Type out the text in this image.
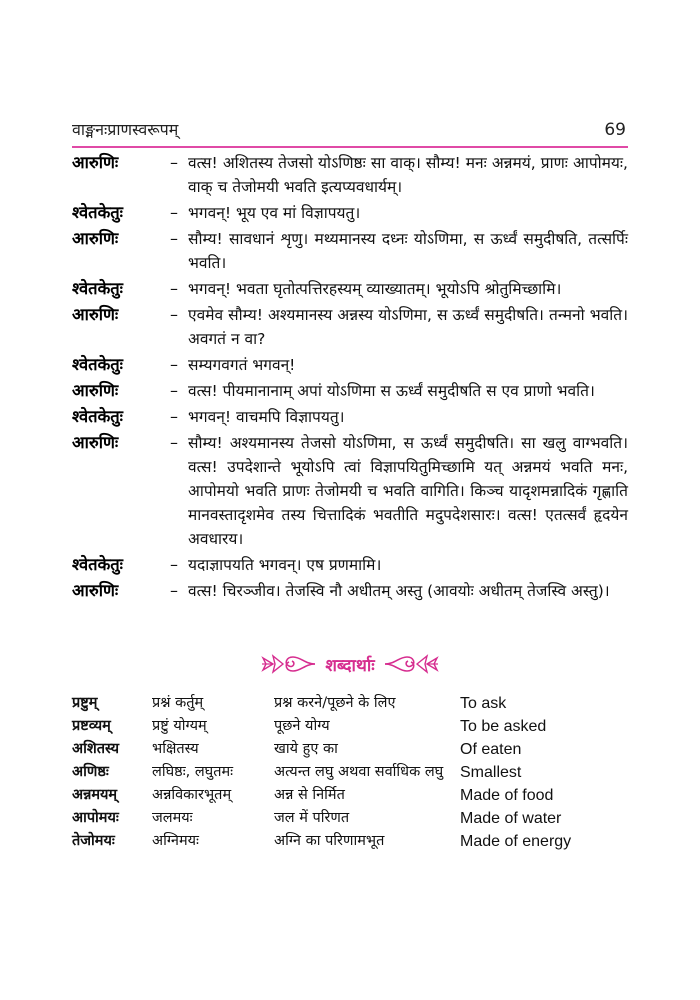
वाङ्मनःप्राणस्वरूपम्	69
आरुणिः	– वत्स! अशितस्य तेजसो योऽणिष्ठः सा वाक्। सौम्य! मनः अन्नमयं, प्राणः आपोमयः, वाक् च तेजोमयी भवति इत्यप्यवधार्यम्।
श्वेतकेतुः	– भगवन्! भूय एव मां विज्ञापयतु।
आरुणिः	– सौम्य! सावधानं शृणु। मथ्यमानस्य दध्नः योऽणिमा, स ऊर्ध्वं समुदीषति, तत्सर्पिः भवति।
श्वेतकेतुः	– भगवन्! भवता घृतोत्पत्तिरहस्यम् व्याख्यातम्। भूयोऽपि श्रोतुमिच्छामि।
आरुणिः	– एवमेव सौम्य! अश्यमानस्य अन्नस्य योऽणिमा, स ऊर्ध्वं समुदीषति। तन्मनो भवति। अवगतं न वा?
श्वेतकेतुः	– सम्यगवगतं भगवन्!
आरुणिः	– वत्स! पीयमानानाम् अपां योऽणिमा स ऊर्ध्वं समुदीषति स एव प्राणो भवति।
श्वेतकेतुः	– भगवन्! वाचमपि विज्ञापयतु।
आरुणिः	– सौम्य! अश्यमानस्य तेजसो योऽणिमा, स ऊर्ध्वं समुदीषति। सा खलु वाग्भवति। वत्स! उपदेशान्ते भूयोऽपि त्वां विज्ञापयितुमिच्छामि यत् अन्नमयं भवति मनः, आपोमयो भवति प्राणः तेजोमयी च भवति वागिति। किञ्च यादृशमन्नादिकं गृह्णाति मानवस्तादृशमेव तस्य चित्तादिकं भवतीति मदुपदेशसारः। वत्स! एतत्सर्वं हृदयेन अवधारय।
श्वेतकेतुः	– यदाज्ञापयति भगवन्। एष प्रणमामि।
आरुणिः	– वत्स! चिरञ्जीव। तेजस्वि नौ अधीतम् अस्तु (आवयोः अधीतम् तेजस्वि अस्तु)।
शब्दार्थाः
प्रष्टुम्	प्रश्नं कर्तुम्	प्रश्न करने/पूछने के लिए	To ask
प्रष्टव्यम्	प्रष्टुं योग्यम्	पूछने योग्य	To be asked
अशितस्य	भक्षितस्य	खाये हुए का	Of eaten
अणिष्ठः	लघिष्ठः, लघुतमः	अत्यन्त लघु अथवा सर्वाधिक लघु	Smallest
अन्नमयम्	अन्नविकारभूतम्	अन्न से निर्मित	Made of food
आपोमयः	जलमयः	जल में परिणत	Made of water
तेजोमयः	अग्निमयः	अग्नि का परिणामभूत	Made of energy
